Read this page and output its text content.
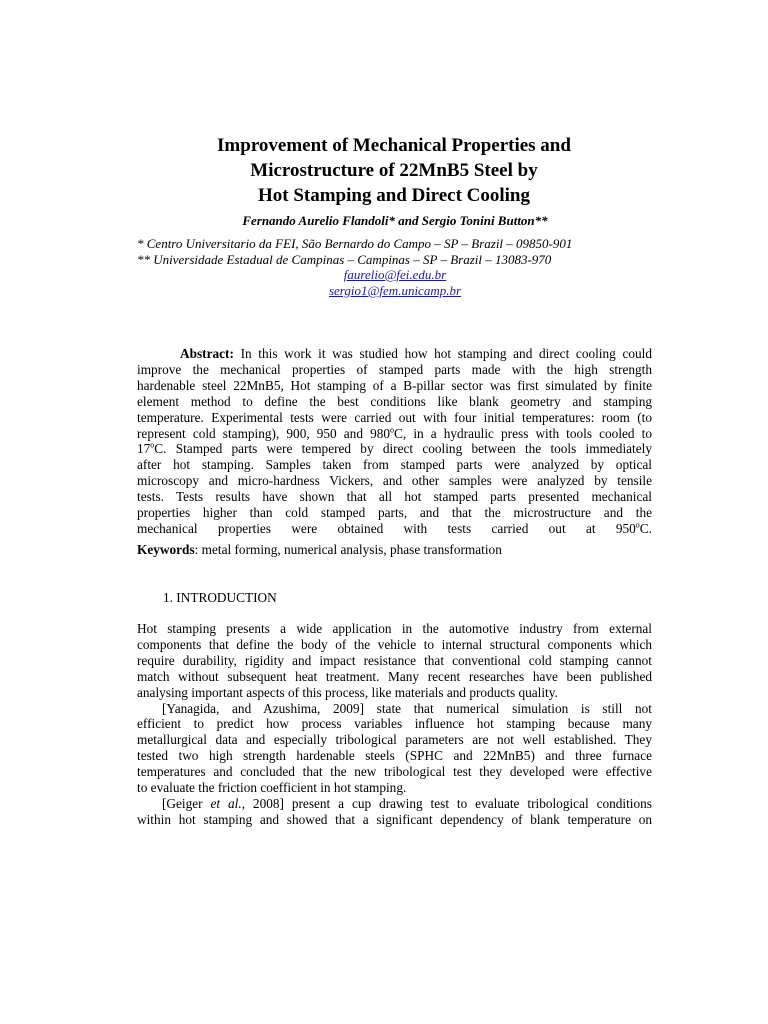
Improvement of Mechanical Properties and
Microstructure of 22MnB5 Steel by
Hot Stamping and Direct Cooling
Fernando Aurelio Flandoli* and Sergio Tonini Button**
* Centro Universitario da FEI, São Bernardo do Campo – SP – Brazil – 09850-901
** Universidade Estadual de Campinas – Campinas – SP – Brazil – 13083-970
faurelio@fei.edu.br
sergio1@fem.unicamp.br
Abstract: In this work it was studied how hot stamping and direct cooling could
improve the mechanical properties of stamped parts made with the high strength
hardenable steel 22MnB5, Hot stamping of a B-pillar sector was first simulated by finite
element method to define the best conditions like blank geometry and stamping
temperature. Experimental tests were carried out with four initial temperatures: room (to
represent cold stamping), 900, 950 and 980$^o$C, in a hydraulic press with tools cooled to
17$^o$C. Stamped parts were tempered by direct cooling between the tools immediately
after hot stamping. Samples taken from stamped parts were analyzed by optical
microscopy and micro-hardness Vickers, and other samples were analyzed by tensile
tests. Tests results have shown that all hot stamped parts presented mechanical
properties higher than cold stamped parts, and that the microstructure and the
mechanical properties were obtained with tests carried out at 950$^o$C.
Keywords: metal forming, numerical analysis, phase transformation
1. INTRODUCTION
Hot stamping presents a wide application in the automotive industry from external
components that define the body of the vehicle to internal structural components which
require durability, rigidity and impact resistance that conventional cold stamping cannot
match without subsequent heat treatment. Many recent researches have been published
analysing important aspects of this process, like materials and products quality.
[Yanagida, and Azushima, 2009] state that numerical simulation is still not
efficient to predict how process variables influence hot stamping because many
metallurgical data and especially tribological parameters are not well established. They
tested two high strength hardenable steels (SPHC and 22MnB5) and three furnace
temperatures and concluded that the new tribological test they developed were effective
to evaluate the friction coefficient in hot stamping.
[Geiger et al., 2008] present a cup drawing test to evaluate tribological conditions
within hot stamping and showed that a significant dependency of blank temperature on
